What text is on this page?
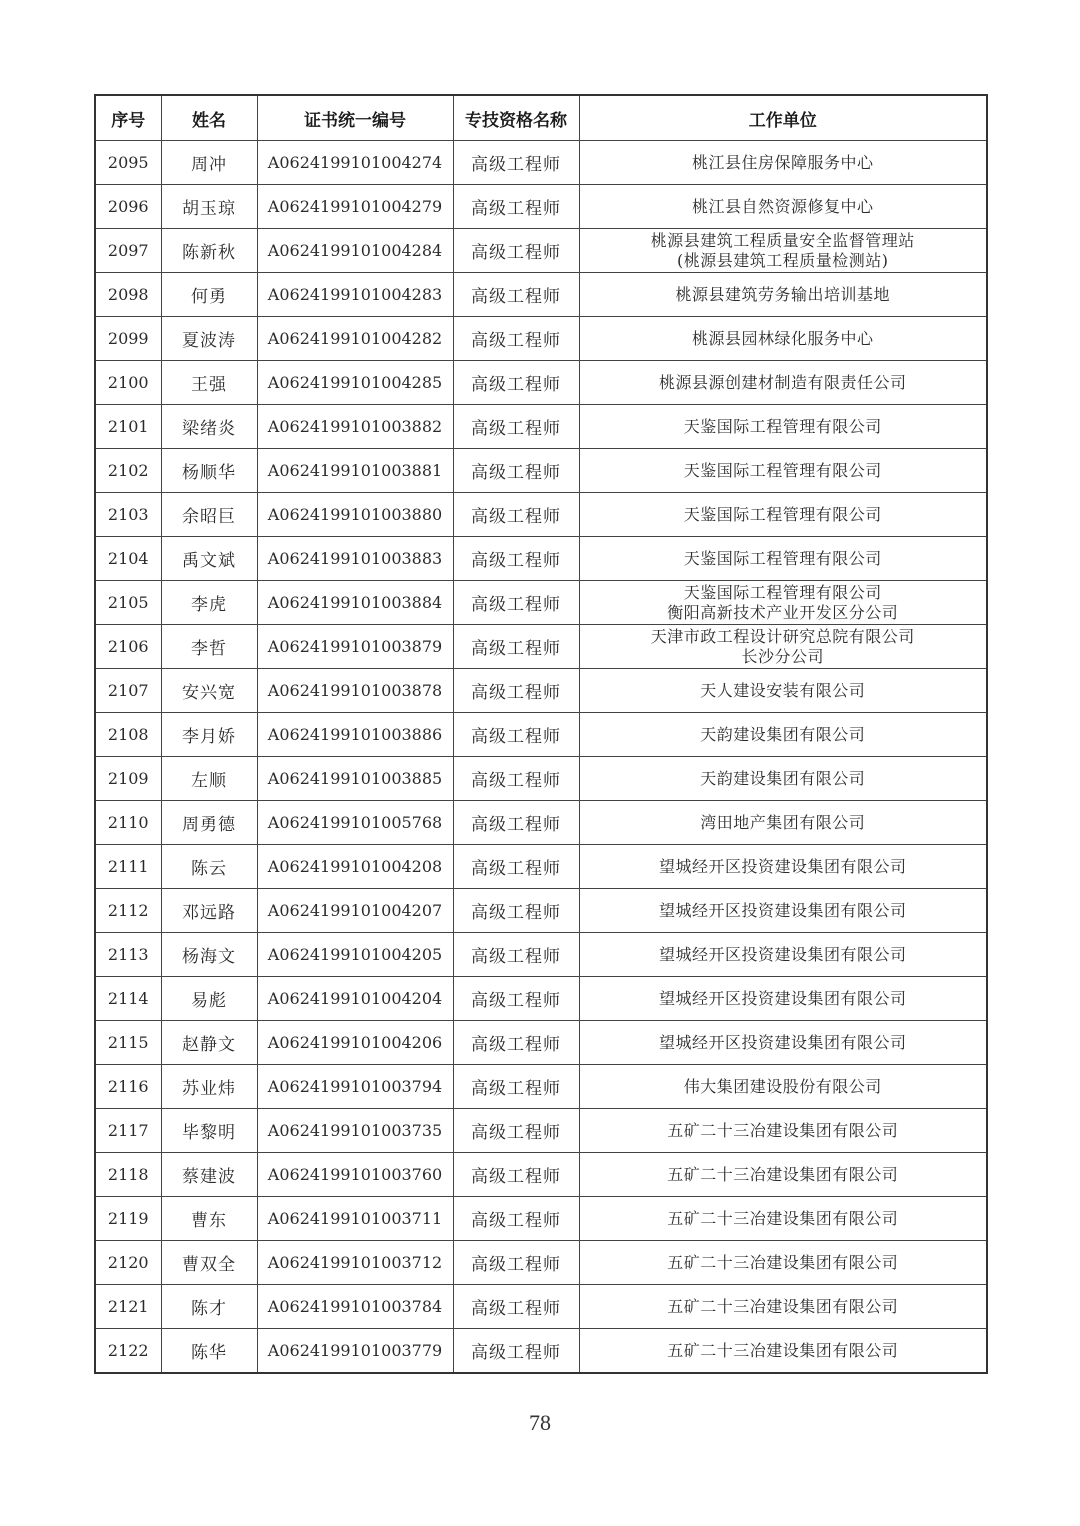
序号	姓名	证书统一编号	专技资格名称	工作单位
2095	周冲	A0624199101004274	高级工程师	桃江县住房保障服务中心
2096	胡玉琼	A0624199101004279	高级工程师	桃江县自然资源修复中心
2097	陈新秋	A0624199101004284	高级工程师	桃源县建筑工程质量安全监督管理站
(桃源县建筑工程质量检测站)
2098	何勇	A0624199101004283	高级工程师	桃源县建筑劳务输出培训基地
2099	夏波涛	A0624199101004282	高级工程师	桃源县园林绿化服务中心
2100	王强	A0624199101004285	高级工程师	桃源县源创建材制造有限责任公司
2101	梁绪炎	A0624199101003882	高级工程师	天鉴国际工程管理有限公司
2102	杨顺华	A0624199101003881	高级工程师	天鉴国际工程管理有限公司
2103	余昭巨	A0624199101003880	高级工程师	天鉴国际工程管理有限公司
2104	禹文斌	A0624199101003883	高级工程师	天鉴国际工程管理有限公司
2105	李虎	A0624199101003884	高级工程师	天鉴国际工程管理有限公司
衡阳高新技术产业开发区分公司
2106	李哲	A0624199101003879	高级工程师	天津市政工程设计研究总院有限公司
长沙分公司
2107	安兴宽	A0624199101003878	高级工程师	天人建设安装有限公司
2108	李月娇	A0624199101003886	高级工程师	天韵建设集团有限公司
2109	左顺	A0624199101003885	高级工程师	天韵建设集团有限公司
2110	周勇德	A0624199101005768	高级工程师	湾田地产集团有限公司
2111	陈云	A0624199101004208	高级工程师	望城经开区投资建设集团有限公司
2112	邓远路	A0624199101004207	高级工程师	望城经开区投资建设集团有限公司
2113	杨海文	A0624199101004205	高级工程师	望城经开区投资建设集团有限公司
2114	易彪	A0624199101004204	高级工程师	望城经开区投资建设集团有限公司
2115	赵静文	A0624199101004206	高级工程师	望城经开区投资建设集团有限公司
2116	苏业炜	A0624199101003794	高级工程师	伟大集团建设股份有限公司
2117	毕黎明	A0624199101003735	高级工程师	五矿二十三冶建设集团有限公司
2118	蔡建波	A0624199101003760	高级工程师	五矿二十三冶建设集团有限公司
2119	曹东	A0624199101003711	高级工程师	五矿二十三冶建设集团有限公司
2120	曹双全	A0624199101003712	高级工程师	五矿二十三冶建设集团有限公司
2121	陈才	A0624199101003784	高级工程师	五矿二十三冶建设集团有限公司
2122	陈华	A0624199101003779	高级工程师	五矿二十三冶建设集团有限公司
78
